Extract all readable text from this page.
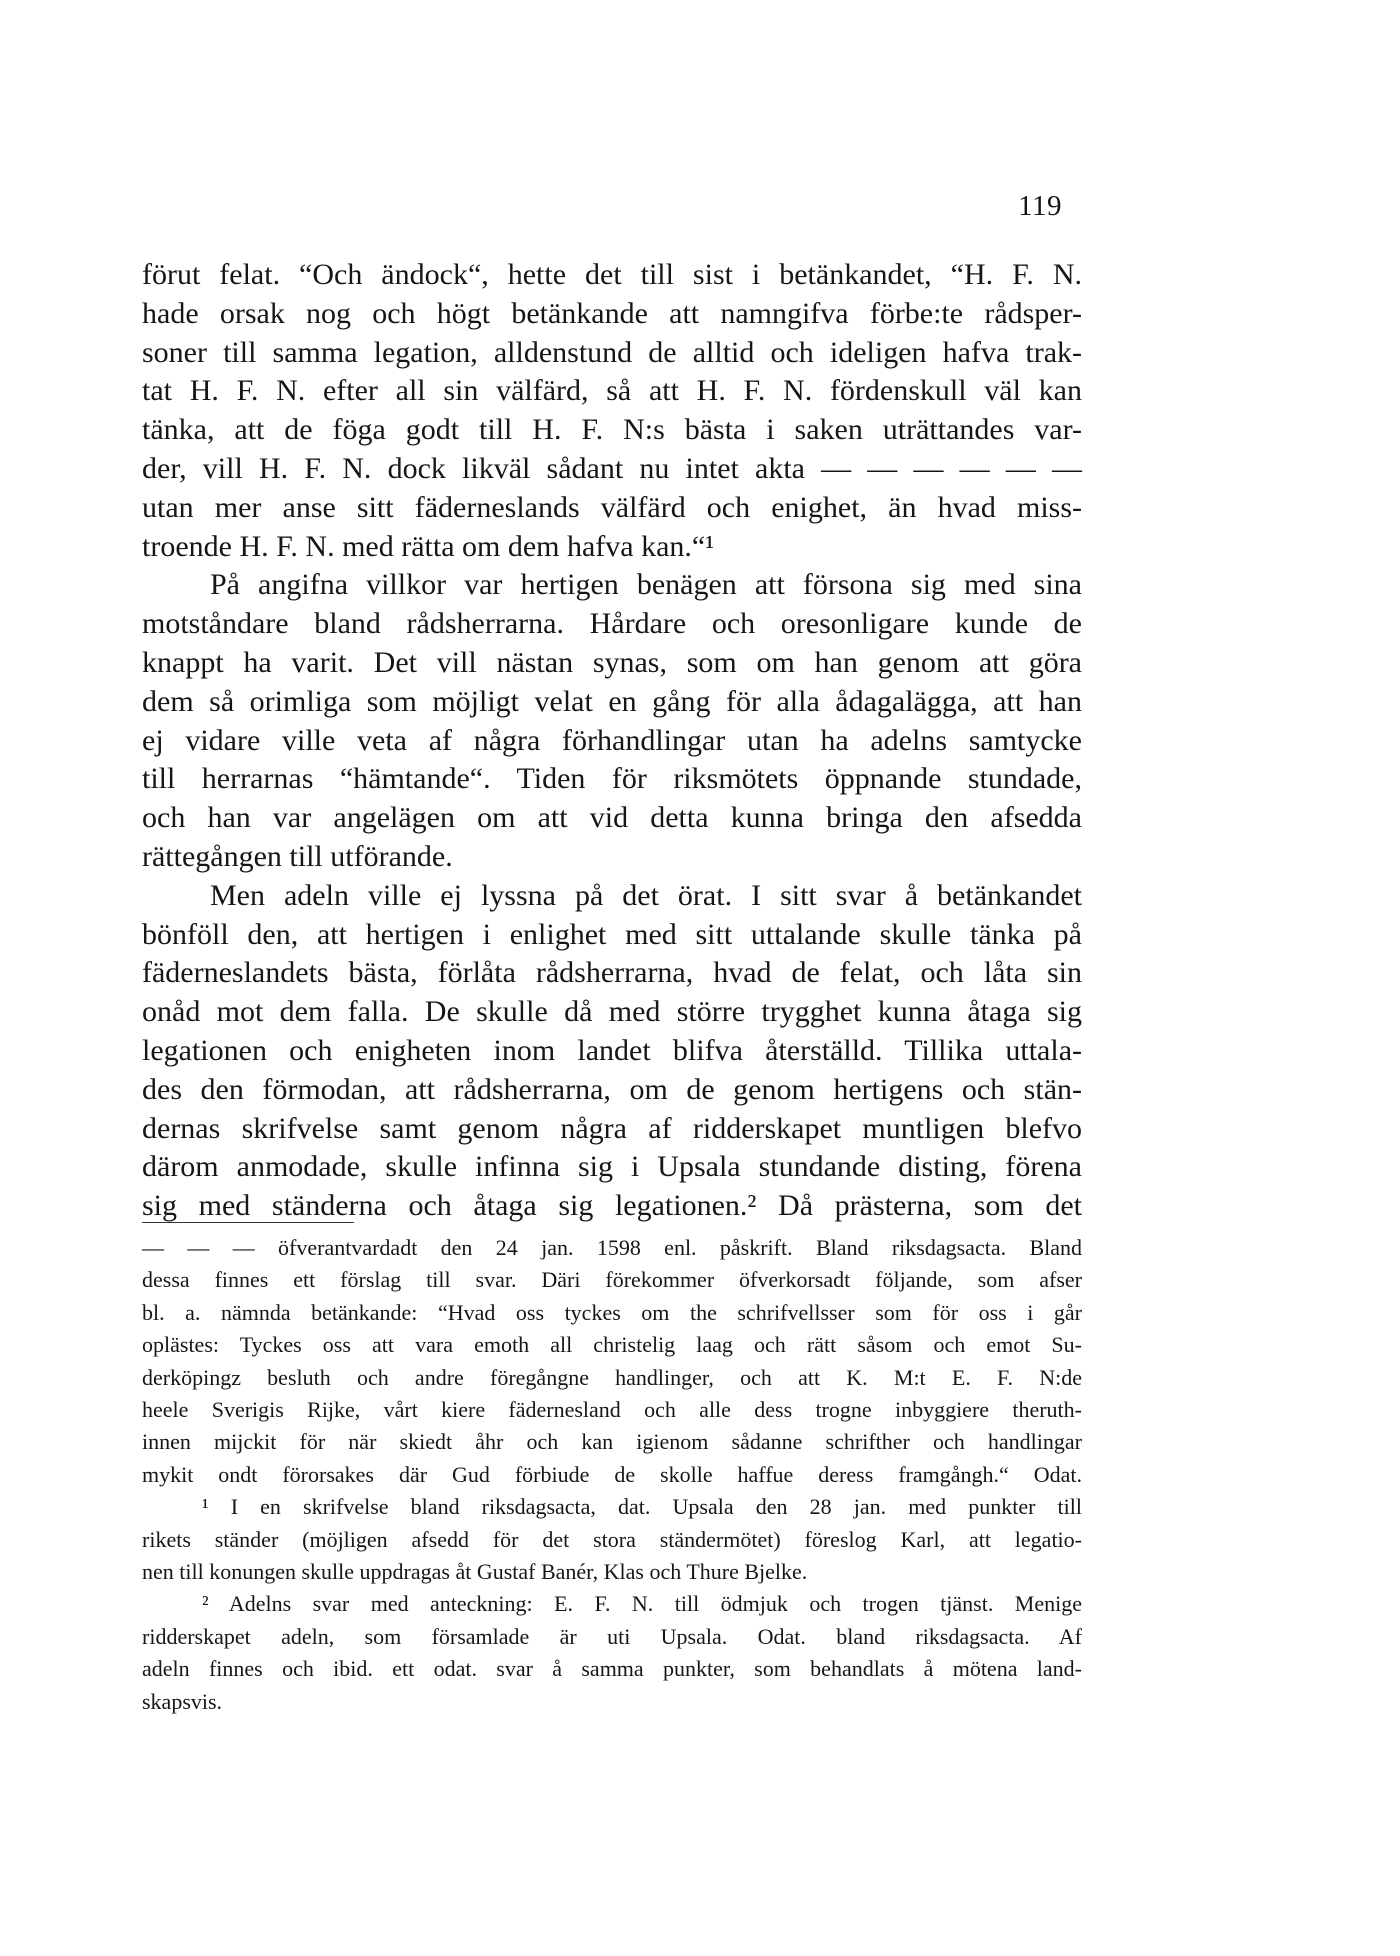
119
förut felat. “Och ändock“, hette det till sist i betänkandet, “H. F. N.
hade orsak nog och högt betänkande att namngifva förbe:te rådsper-
soner till samma legation, alldenstund de alltid och ideligen hafva trak-
tat H. F. N. efter all sin välfärd, så att H. F. N. fördenskull väl kan
tänka, att de föga godt till H. F. N:s bästa i saken uträttandes var-
der, vill H. F. N. dock likväl sådant nu intet akta — — — — — —
utan mer anse sitt fäderneslands välfärd och enighet, än hvad miss-
troende H. F. N. med rätta om dem hafva kan.“¹
På angifna villkor var hertigen benägen att försona sig med sina
motståndare bland rådsherrarna. Hårdare och oresonligare kunde de
knappt ha varit. Det vill nästan synas, som om han genom att göra
dem så orimliga som möjligt velat en gång för alla ådagalägga, att han
ej vidare ville veta af några förhandlingar utan ha adelns samtycke
till herrarnas “hämtande“. Tiden för riksmötets öppnande stundade,
och han var angelägen om att vid detta kunna bringa den afsedda
rättegången till utförande.
Men adeln ville ej lyssna på det örat. I sitt svar å betänkandet
bönföll den, att hertigen i enlighet med sitt uttalande skulle tänka på
fäderneslandets bästa, förlåta rådsherrarna, hvad de felat, och låta sin
onåd mot dem falla. De skulle då med större trygghet kunna åtaga sig
legationen och enigheten inom landet blifva återställd. Tillika uttala-
des den förmodan, att rådsherrarna, om de genom hertigens och stän-
dernas skrifvelse samt genom några af ridderskapet muntligen blefvo
därom anmodade, skulle infinna sig i Upsala stundande disting, förena
sig med ständerna och åtaga sig legationen.² Då prästerna, som det
— — — öfverantvardadt den 24 jan. 1598 enl. påskrift. Bland riksdagsacta. Bland
dessa finnes ett förslag till svar. Däri förekommer öfverkorsadt följande, som afser
bl. a. nämnda betänkande: “Hvad oss tyckes om the schrifvellsser som för oss i går
oplästes: Tyckes oss att vara emoth all christelig laag och rätt såsom och emot Su-
derköpingz besluth och andre föregångne handlinger, och att K. M:t E. F. N:de
heele Sverigis Rijke, vårt kiere fädernesland och alle dess trogne inbyggiere theruth-
innen mijckit för när skiedt åhr och kan igienom sådanne schrifther och handlingar
mykit ondt förorsakes där Gud förbiude de skolle haffue deress framgångh.“ Odat.
¹ I en skrifvelse bland riksdagsacta, dat. Upsala den 28 jan. med punkter till
rikets ständer (möjligen afsedd för det stora ständermötet) föreslog Karl, att legatio-
nen till konungen skulle uppdragas åt Gustaf Banér, Klas och Thure Bjelke.
² Adelns svar med anteckning: E. F. N. till ödmjuk och trogen tjänst. Menige
ridderskapet adeln, som församlade är uti Upsala. Odat. bland riksdagsacta. Af
adeln finnes och ibid. ett odat. svar å samma punkter, som behandlats å mötena land-
skapsvis.
